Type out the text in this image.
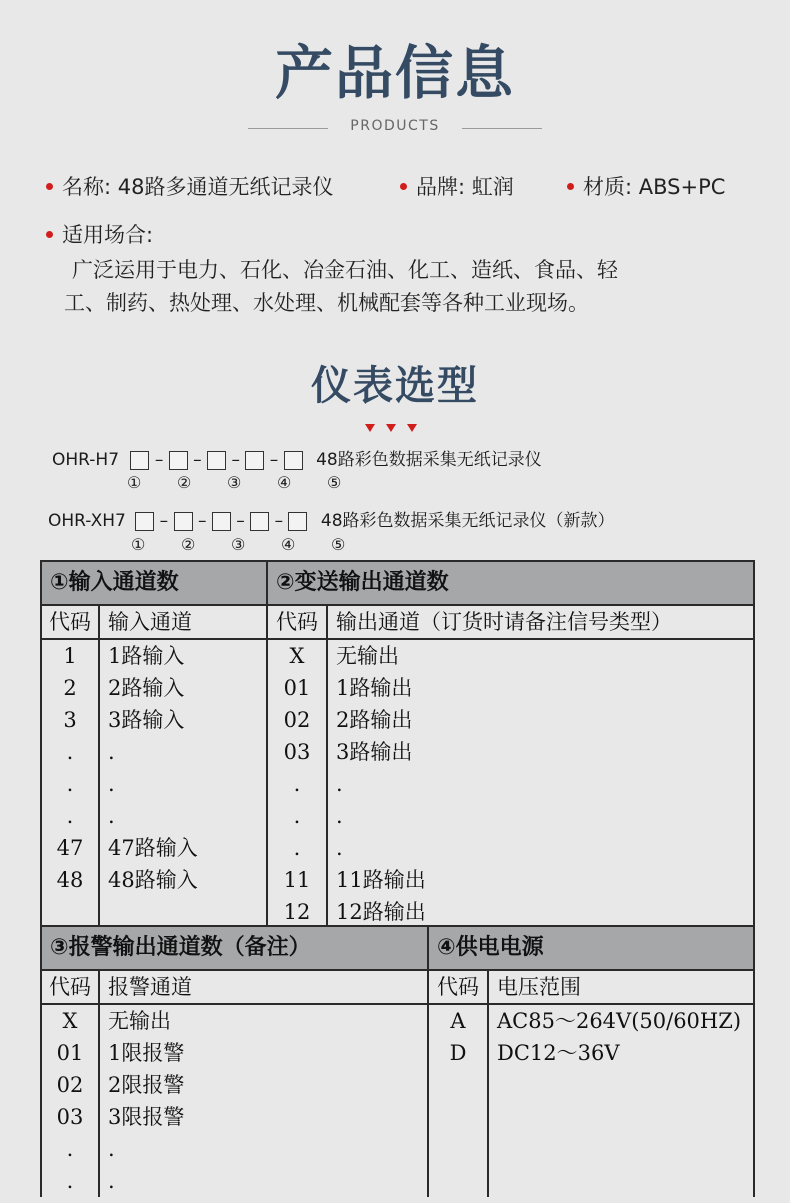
产品信息
PRODUCTS
名称: 48路多通道无纸记录仪	品牌: 虹润	材质: ABS+PC
适用场合:
广泛运用于电力、石化、冶金石油、化工、造纸、食品、轻
工、制药、热处理、水处理、机械配套等各种工业现场。
仪表选型
OHR-H7  –  –  –  –  48路彩色数据采集无纸记录仪
① ② ③ ④ ⑤
OHR-XH7  –  –  –  –  48路彩色数据采集无纸记录仪（新款）
① ② ③ ④ ⑤
①输入通道数	
代码	输入通道
1	1路输入
2	2路输入
3	3路输入
.	.
.	.
.	.
47	47路输入
48	48路输入

②变送输出通道数	
代码	输出通道（订货时请备注信号类型）
X	无输出
01	1路输出
02	2路输出
03	3路输出
.	.
.	.
.	.
11	11路输出
12	12路输出
③报警输出通道数（备注）	
代码	报警通道
X	无输出
01	1限报警
02	2限报警
03	3限报警
.	.
.	.
④供电电源	
代码	电压范围
A	AC85～264V(50/60HZ)
D	DC12～36V
